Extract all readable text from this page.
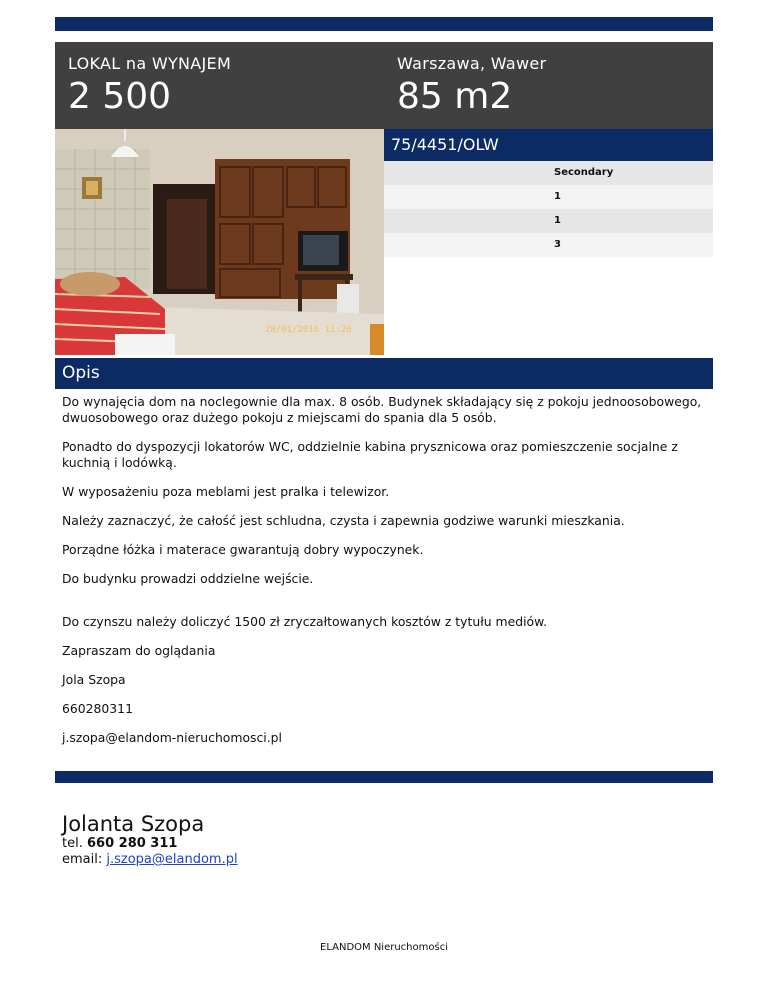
LOKAL na WYNAJEM
2 500
Warszawa, Wawer
85 m2
28/01/2016 11:26
75/4451/OLW
Secondary
1
1
3
Opis

Do wynajęcia dom na noclegownie dla max. 8 osób. Budynek składający się z pokoju jednoosobowego, dwuosobowego oraz dużego pokoju z miejscami do spania dla 5 osób.

Ponadto do dyspozycji lokatorów WC, oddzielnie kabina prysznicowa oraz pomieszczenie socjalne z kuchnią i lodówką.

W wyposażeniu poza meblami jest pralka i telewizor.

Należy zaznaczyć, że całość jest schludna, czysta i zapewnia godziwe warunki mieszkania.

Porządne łóżka i materace gwarantują dobry wypoczynek.

Do budynku prowadzi oddzielne wejście.

Do czynszu należy doliczyć 1500 zł zryczałtowanych kosztów z tytułu mediów.

Zapraszam do oglądania

Jola Szopa

660280311

j.szopa@elandom-nieruchomosci.pl

Jolanta Szopa
tel. 660 280 311
email: j.szopa@elandom.pl
ELANDOM Nieruchomości
